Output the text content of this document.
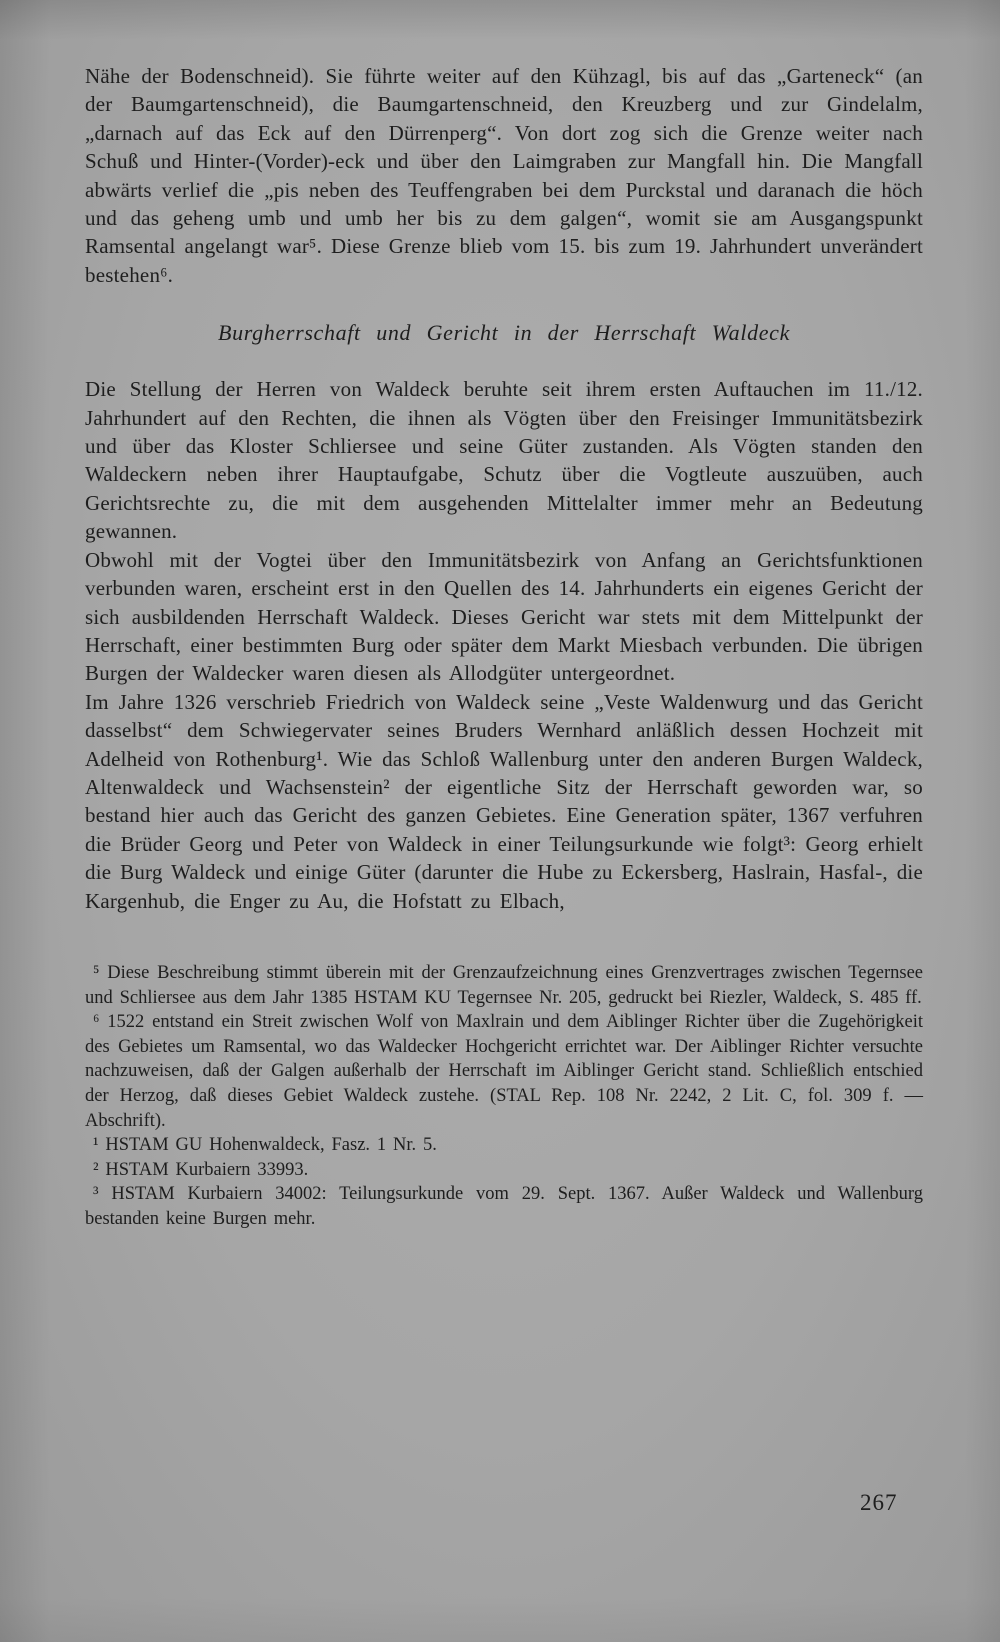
Nähe der Bodenschneid). Sie führte weiter auf den Kühzagl, bis auf das „Garteneck“ (an der Baumgartenschneid), die Baumgartenschneid, den Kreuzberg und zur Gindelalm, „darnach auf das Eck auf den Dürrenperg“. Von dort zog sich die Grenze weiter nach Schuß und Hinter-(Vorder)-eck und über den Laimgraben zur Mangfall hin. Die Mangfall abwärts verlief die „pis neben des Teuffengraben bei dem Purckstal und daranach die höch und das geheng umb und umb her bis zu dem galgen“, womit sie am Ausgangspunkt Ramsental angelangt war⁵. Diese Grenze blieb vom 15. bis zum 19. Jahrhundert unverändert bestehen⁶.

Burgherrschaft und Gericht in der Herrschaft Waldeck

Die Stellung der Herren von Waldeck beruhte seit ihrem ersten Auftauchen im 11./12. Jahrhundert auf den Rechten, die ihnen als Vögten über den Freisinger Immunitätsbezirk und über das Kloster Schliersee und seine Güter zustanden. Als Vögten standen den Waldeckern neben ihrer Hauptaufgabe, Schutz über die Vogtleute auszuüben, auch Gerichtsrechte zu, die mit dem ausgehenden Mittelalter immer mehr an Bedeutung gewannen.

Obwohl mit der Vogtei über den Immunitätsbezirk von Anfang an Gerichtsfunktionen verbunden waren, erscheint erst in den Quellen des 14. Jahrhunderts ein eigenes Gericht der sich ausbildenden Herrschaft Waldeck. Dieses Gericht war stets mit dem Mittelpunkt der Herrschaft, einer bestimmten Burg oder später dem Markt Miesbach verbunden. Die übrigen Burgen der Waldecker waren diesen als Allodgüter untergeordnet.

Im Jahre 1326 verschrieb Friedrich von Waldeck seine „Veste Waldenwurg und das Gericht dasselbst“ dem Schwiegervater seines Bruders Wernhard anläßlich dessen Hochzeit mit Adelheid von Rothenburg¹. Wie das Schloß Wallenburg unter den anderen Burgen Waldeck, Altenwaldeck und Wachsenstein² der eigentliche Sitz der Herrschaft geworden war, so bestand hier auch das Gericht des ganzen Gebietes. Eine Generation später, 1367 verfuhren die Brüder Georg und Peter von Waldeck in einer Teilungsurkunde wie folgt³: Georg erhielt die Burg Waldeck und einige Güter (darunter die Hube zu Eckersberg, Haslrain, Hasfal-, die Kargenhub, die Enger zu Au, die Hofstatt zu Elbach,

⁵ Diese Beschreibung stimmt überein mit der Grenzaufzeichnung eines Grenzvertrages zwischen Tegernsee und Schliersee aus dem Jahr 1385 HSTAM KU Tegernsee Nr. 205, gedruckt bei Riezler, Waldeck, S. 485 ff.

⁶ 1522 entstand ein Streit zwischen Wolf von Maxlrain und dem Aiblinger Richter über die Zugehörigkeit des Gebietes um Ramsental, wo das Waldecker Hochgericht errichtet war. Der Aiblinger Richter versuchte nachzuweisen, daß der Galgen außerhalb der Herrschaft im Aiblinger Gericht stand. Schließlich entschied der Herzog, daß dieses Gebiet Waldeck zustehe. (STAL Rep. 108 Nr. 2242, 2 Lit. C, fol. 309 f. — Abschrift).

¹ HSTAM GU Hohenwaldeck, Fasz. 1 Nr. 5.

² HSTAM Kurbaiern 33993.

³ HSTAM Kurbaiern 34002: Teilungsurkunde vom 29. Sept. 1367. Außer Waldeck und Wallenburg bestanden keine Burgen mehr.

267
